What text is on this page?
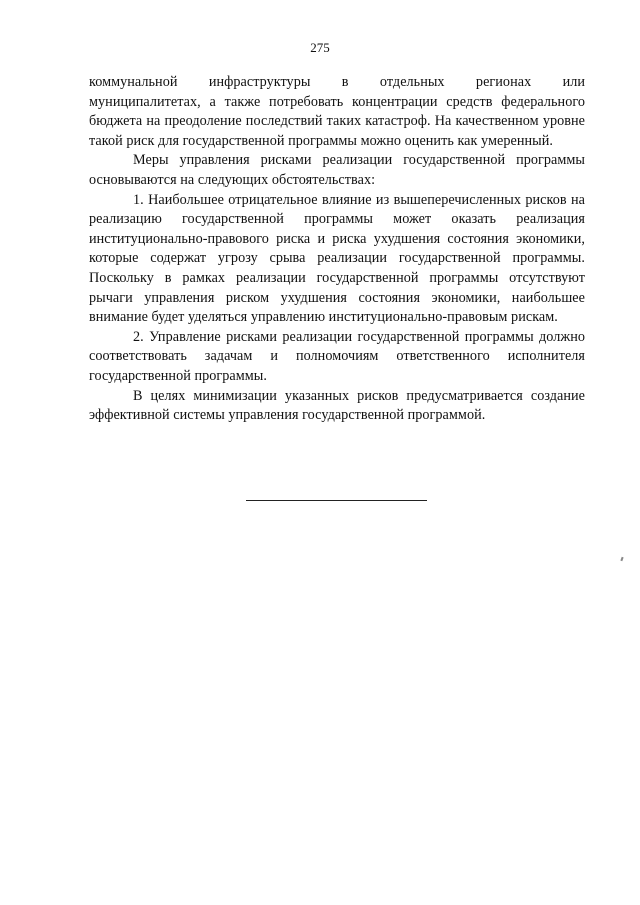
275

коммунальной инфраструктуры в отдельных регионах или

муниципалитетах, а также потребовать концентрации средств федерального бюджета на преодоление последствий таких катастроф. На качественном уровне такой риск для государственной программы можно оценить как умеренный.

Меры управления рисками реализации государственной программы основываются на следующих обстоятельствах:

1. Наибольшее отрицательное влияние из вышеперечисленных рисков на реализацию государственной программы может оказать реализация институционально-правового риска и риска ухудшения состояния экономики, которые содержат угрозу срыва реализации государственной программы. Поскольку в рамках реализации государственной программы отсутствуют рычаги управления риском ухудшения состояния экономики, наибольшее внимание будет уделяться управлению институционально-правовым рискам.

2. Управление рисками реализации государственной программы должно соответствовать задачам и полномочиям ответственного исполнителя государственной программы.

В целях минимизации указанных рисков предусматривается создание эффективной системы управления государственной программой.
